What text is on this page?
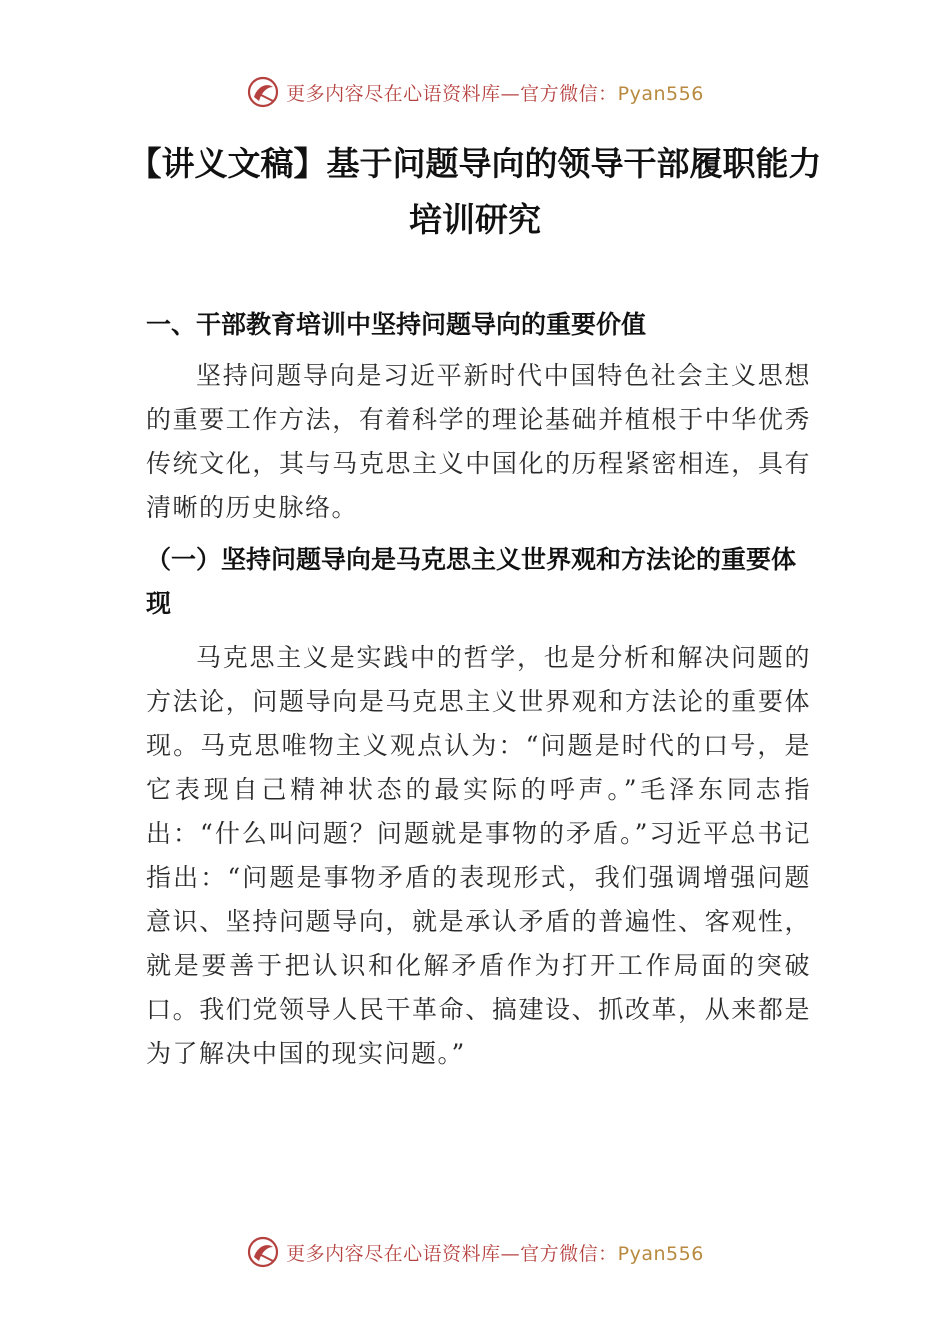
更多内容尽在心语资料库—官方微信：Pyan556
【讲义文稿】基于问题导向的领导干部履职能力培训研究
一、干部教育培训中坚持问题导向的重要价值

坚持问题导向是习近平新时代中国特色社会主义思想的重要工作方法，有着科学的理论基础并植根于中华优秀传统文化，其与马克思主义中国化的历程紧密相连，具有清晰的历史脉络。

（一）坚持问题导向是马克思主义世界观和方法论的重要体现

马克思主义是实践中的哲学，也是分析和解决问题的方法论，问题导向是马克思主义世界观和方法论的重要体现。马克思唯物主义观点认为：“问题是时代的口号，是它表现自己精神状态的最实际的呼声。”毛泽东同志指出：“什么叫问题？问题就是事物的矛盾。”习近平总书记指出：“问题是事物矛盾的表现形式，我们强调增强问题意识、坚持问题导向，就是承认矛盾的普遍性、客观性，就是要善于把认识和化解矛盾作为打开工作局面的突破口。我们党领导人民干革命、搞建设、抓改革，从来都是为了解决中国的现实问题。”

更多内容尽在心语资料库—官方微信：Pyan556
